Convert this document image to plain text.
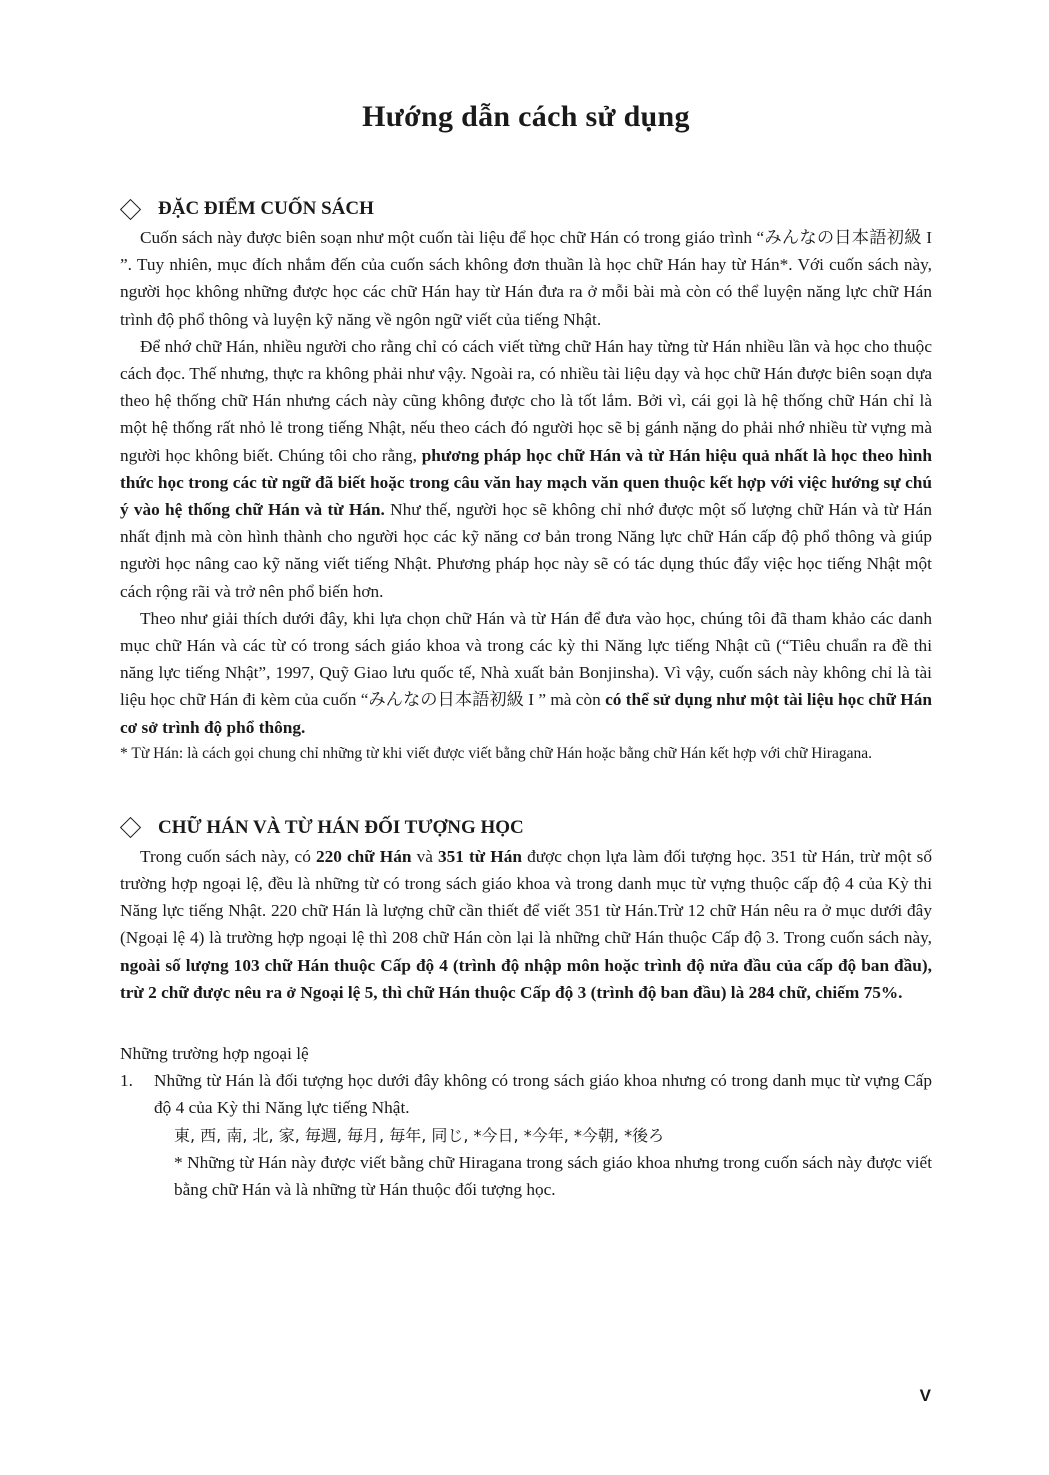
Hướng dẫn cách sử dụng
ĐẶC ĐIỂM CUỐN SÁCH

Cuốn sách này được biên soạn như một cuốn tài liệu để học chữ Hán có trong giáo trình “みんなの日本語初級 I ”. Tuy nhiên, mục đích nhắm đến của cuốn sách không đơn thuần là học chữ Hán hay từ Hán*. Với cuốn sách này, người học không những được học các chữ Hán hay từ Hán đưa ra ở mỗi bài mà còn có thể luyện năng lực chữ Hán trình độ phổ thông và luyện kỹ năng về ngôn ngữ viết của tiếng Nhật.

Để nhớ chữ Hán, nhiều người cho rằng chỉ có cách viết từng chữ Hán hay từng từ Hán nhiều lần và học cho thuộc cách đọc. Thế nhưng, thực ra không phải như vậy. Ngoài ra, có nhiều tài liệu dạy và học chữ Hán được biên soạn dựa theo hệ thống chữ Hán nhưng cách này cũng không được cho là tốt lắm. Bởi vì, cái gọi là hệ thống chữ Hán chỉ là một hệ thống rất nhỏ lẻ trong tiếng Nhật, nếu theo cách đó người học sẽ bị gánh nặng do phải nhớ nhiều từ vựng mà người học không biết. Chúng tôi cho rằng, phương pháp học chữ Hán và từ Hán hiệu quả nhất là học theo hình thức học trong các từ ngữ đã biết hoặc trong câu văn hay mạch văn quen thuộc kết hợp với việc hướng sự chú ý vào hệ thống chữ Hán và từ Hán. Như thế, người học sẽ không chỉ nhớ được một số lượng chữ Hán và từ Hán nhất định mà còn hình thành cho người học các kỹ năng cơ bản trong Năng lực chữ Hán cấp độ phổ thông và giúp người học nâng cao kỹ năng viết tiếng Nhật. Phương pháp học này sẽ có tác dụng thúc đẩy việc học tiếng Nhật một cách rộng rãi và trở nên phổ biến hơn.

Theo như giải thích dưới đây, khi lựa chọn chữ Hán và từ Hán để đưa vào học, chúng tôi đã tham khảo các danh mục chữ Hán và các từ có trong sách giáo khoa và trong các kỳ thi Năng lực tiếng Nhật cũ (“Tiêu chuẩn ra đề thi năng lực tiếng Nhật”, 1997, Quỹ Giao lưu quốc tế, Nhà xuất bản Bonjinsha). Vì vậy, cuốn sách này không chỉ là tài liệu học chữ Hán đi kèm của cuốn “みんなの日本語初級 I ” mà còn có thể sử dụng như một tài liệu học chữ Hán cơ sở trình độ phổ thông.

* Từ Hán: là cách gọi chung chỉ những từ khi viết được viết bằng chữ Hán hoặc bằng chữ Hán kết hợp với chữ Hiragana.

CHỮ HÁN VÀ TỪ HÁN ĐỐI TƯỢNG HỌC

Trong cuốn sách này, có 220 chữ Hán và 351 từ Hán được chọn lựa làm đối tượng học. 351 từ Hán, trừ một số trường hợp ngoại lệ, đều là những từ có trong sách giáo khoa và trong danh mục từ vựng thuộc cấp độ 4 của Kỳ thi Năng lực tiếng Nhật. 220 chữ Hán là lượng chữ cần thiết để viết 351 từ Hán.Trừ 12 chữ Hán nêu ra ở mục dưới đây (Ngoại lệ 4) là trường hợp ngoại lệ thì 208 chữ Hán còn lại là những chữ Hán thuộc Cấp độ 3. Trong cuốn sách này, ngoài số lượng 103 chữ Hán thuộc Cấp độ 4 (trình độ nhập môn hoặc trình độ nửa đầu của cấp độ ban đầu), trừ 2 chữ được nêu ra ở Ngoại lệ 5, thì chữ Hán thuộc Cấp độ 3 (trình độ ban đầu) là 284 chữ, chiếm 75%.

Những trường hợp ngoại lệ

1.	Những từ Hán là đối tượng học dưới đây không có trong sách giáo khoa nhưng có trong danh mục từ vựng Cấp độ 4 của Kỳ thi Năng lực tiếng Nhật.
東, 西, 南, 北, 家, 毎週, 毎月, 毎年, 同じ, *今日, *今年, *今朝, *後ろ
* Những từ Hán này được viết bằng chữ Hiragana trong sách giáo khoa nhưng trong cuốn sách này được viết bằng chữ Hán và là những từ Hán thuộc đối tượng học.
V
